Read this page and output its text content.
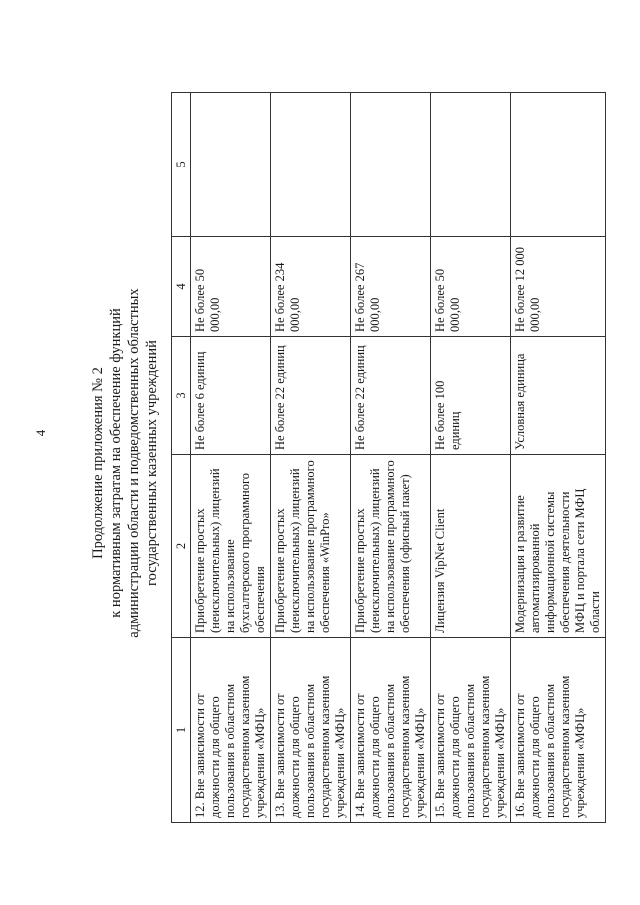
4	Продолжение приложения № 2 к нормативным затратам на обеспечение функций администрации области и подведомственных областных государственных казенных учреждений
1	2	3	4	5
12. Вне зависимости от должности для общего пользования в областном государственном казенном учреждении «МФЦ»	Приобретение простых (неисключительных) лицензий на использование бухгалтерского программного обеспечения	Не более 6 единиц	Не более 50 000,00	
13. Вне зависимости от должности для общего пользования в областном государственном казенном учреждении «МФЦ»	Приобретение простых (неисключительных) лицензий на использование программного обеспечения «WinPro»	Не более 22 единиц	Не более 234 000,00	
14. Вне зависимости от должности для общего пользования в областном государственном казенном учреждении «МФЦ»	Приобретение простых (неисключительных) лицензий на использование программного обеспечения (офисный пакет)	Не более 22 единиц	Не более 267 000,00	
15. Вне зависимости от должности для общего пользования в областном государственном казенном учреждении «МФЦ»	Лицензия VipNet Client	Не более 100 единиц	Не более 50 000,00	
16. Вне зависимости от должности для общего пользования в областном государственном казенном учреждении «МФЦ»	Модернизация и развитие автоматизированной информационной системы обеспечения деятельности МФЦ и портала сети МФЦ области	Условная единица	Не более 12 000 000,00	
